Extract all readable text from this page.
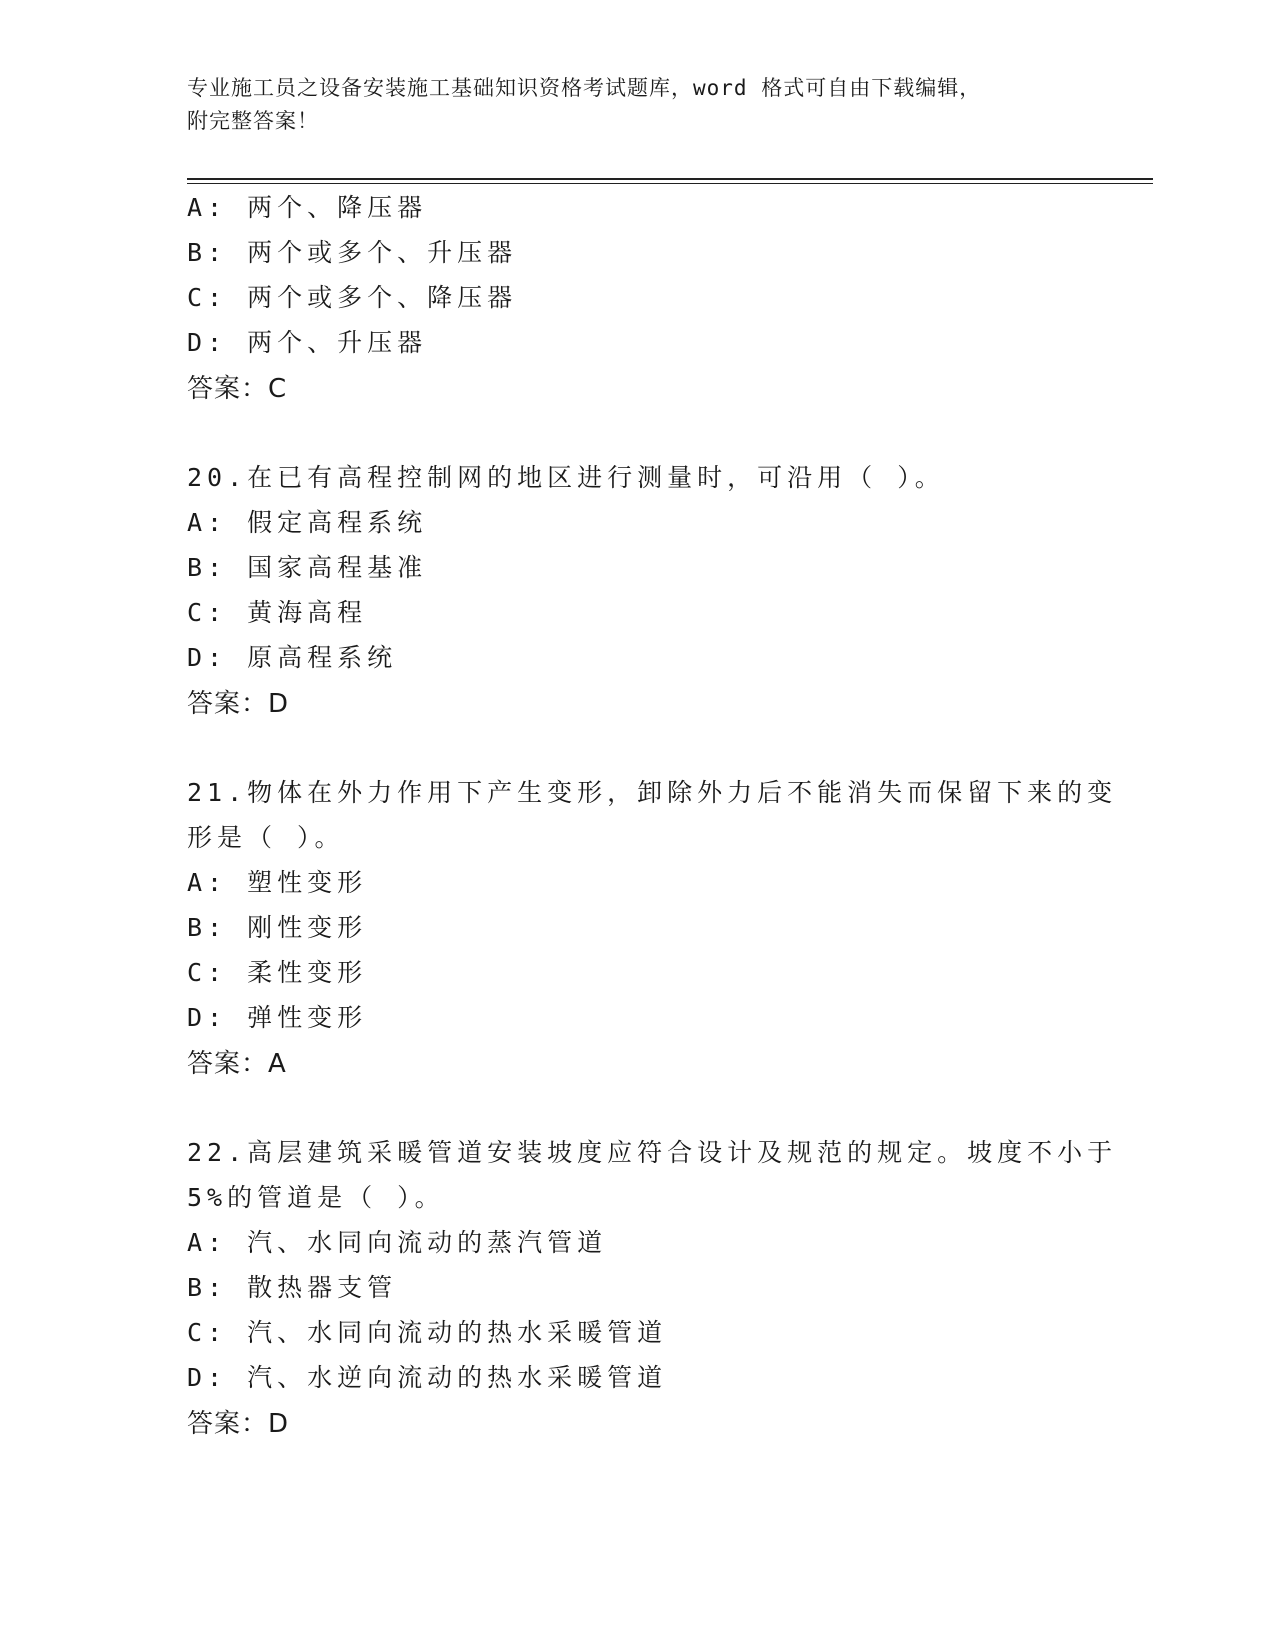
专业施工员之设备安装施工基础知识资格考试题库，word 格式可自由下载编辑，
附完整答案！
A: 两个、降压器
B: 两个或多个、升压器
C: 两个或多个、降压器
D: 两个、升压器
答案：C
20.在已有高程控制网的地区进行测量时，可沿用（ ）。
A: 假定高程系统
B: 国家高程基准
C: 黄海高程
D: 原高程系统
答案：D
21.物体在外力作用下产生变形，卸除外力后不能消失而保留下来的变
形是（ ）。
A: 塑性变形
B: 刚性变形
C: 柔性变形
D: 弹性变形
答案：A
22.高层建筑采暖管道安装坡度应符合设计及规范的规定。坡度不小于
5%的管道是（ ）。
A: 汽、水同向流动的蒸汽管道
B: 散热器支管
C: 汽、水同向流动的热水采暖管道
D: 汽、水逆向流动的热水采暖管道
答案：D
